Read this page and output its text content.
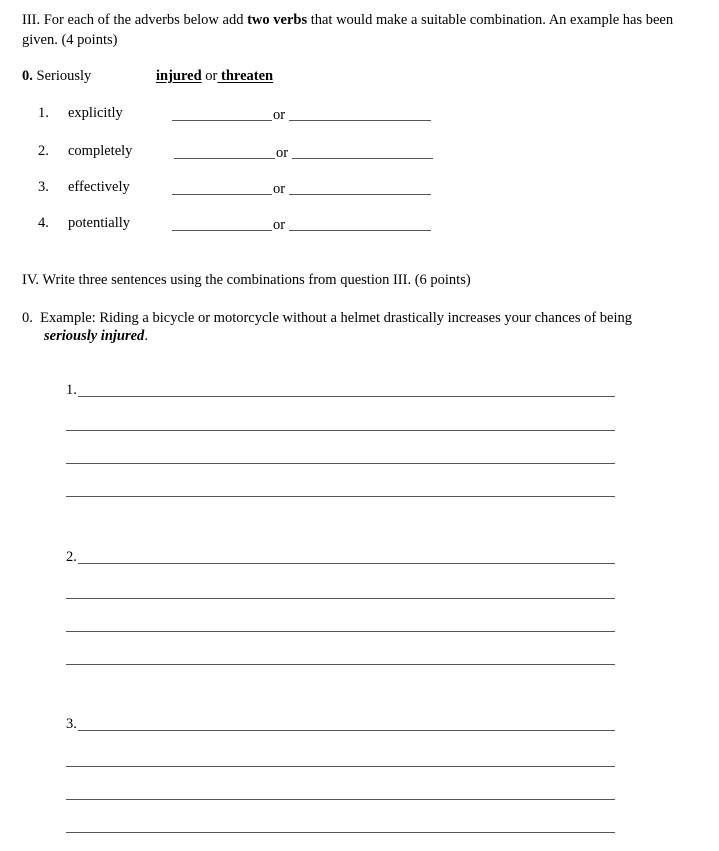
III. For each of the adverbs below add two verbs that would make a suitable combination. An example has been
given. (4 points)
0. Seriously	injured or threaten
1. explicitly	or
2. completely	or
3. effectively	or
4. potentially	or
IV. Write three sentences using the combinations from question III. (6 points)
0.  Example: Riding a bicycle or motorcycle without a helmet drastically increases your chances of being
seriously injured.
1.
2.
3.
